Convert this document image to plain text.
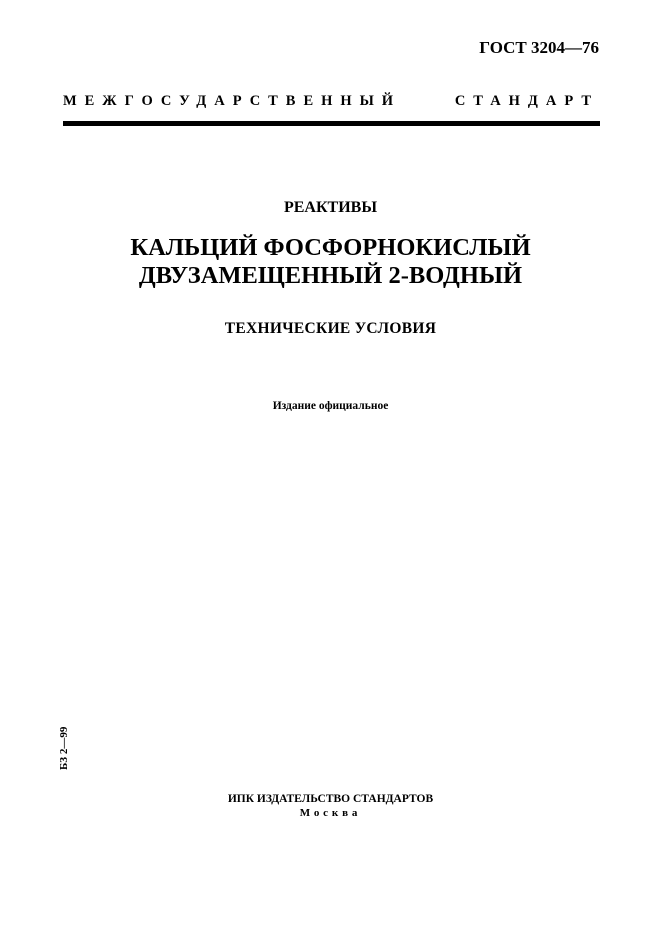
ГОСТ 3204—76
МЕЖГОСУДАРСТВЕННЫЙ СТАНДАРТ
РЕАКТИВЫ
КАЛЬЦИЙ ФОСФОРНОКИСЛЫЙ
ДВУЗАМЕЩЕННЫЙ 2-ВОДНЫЙ
ТЕХНИЧЕСКИЕ УСЛОВИЯ
Издание официальное
БЗ 2—99
ИПК ИЗДАТЕЛЬСТВО СТАНДАРТОВ
Москва
